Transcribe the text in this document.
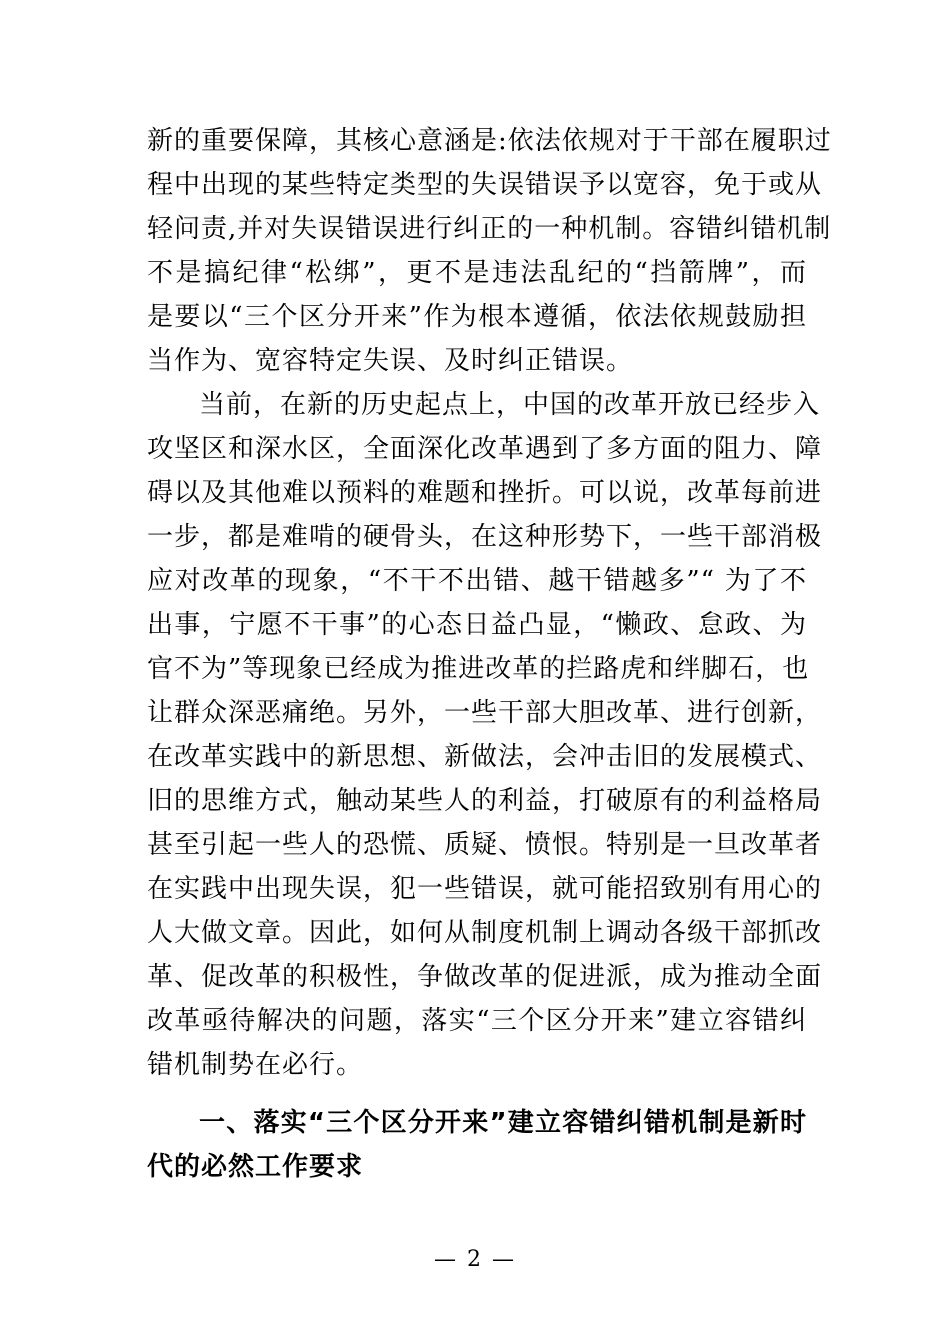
新的重要保障，其核心意涵是:依法依规对于干部在履职过
程中出现的某些特定类型的失误错误予以宽容，免于或从
轻问责,并对失误错误进行纠正的一种机制。容错纠错机制
不是搞纪律“松绑”，更不是违法乱纪的“挡箭牌”，而
是要以“三个区分开来”作为根本遵循，依法依规鼓励担
当作为、宽容特定失误、及时纠正错误。
当前，在新的历史起点上，中国的改革开放已经步入
攻坚区和深水区，全面深化改革遇到了多方面的阻力、障
碍以及其他难以预料的难题和挫折。可以说，改革每前进
一步，都是难啃的硬骨头，在这种形势下，一些干部消极
应对改革的现象，“不干不出错、越干错越多”“ 为了不
出事，宁愿不干事”的心态日益凸显，“懒政、怠政、为
官不为”等现象已经成为推进改革的拦路虎和绊脚石，也
让群众深恶痛绝。另外，一些干部大胆改革、进行创新，
在改革实践中的新思想、新做法，会冲击旧的发展模式、
旧的思维方式，触动某些人的利益，打破原有的利益格局
甚至引起一些人的恐慌、质疑、愤恨。特别是一旦改革者
在实践中出现失误，犯一些错误，就可能招致别有用心的
人大做文章。因此，如何从制度机制上调动各级干部抓改
革、促改革的积极性，争做改革的促进派，成为推动全面
改革亟待解决的问题，落实“三个区分开来”建立容错纠
错机制势在必行。
一、落实“三个区分开来”建立容错纠错机制是新时
代的必然工作要求
— 2 —
